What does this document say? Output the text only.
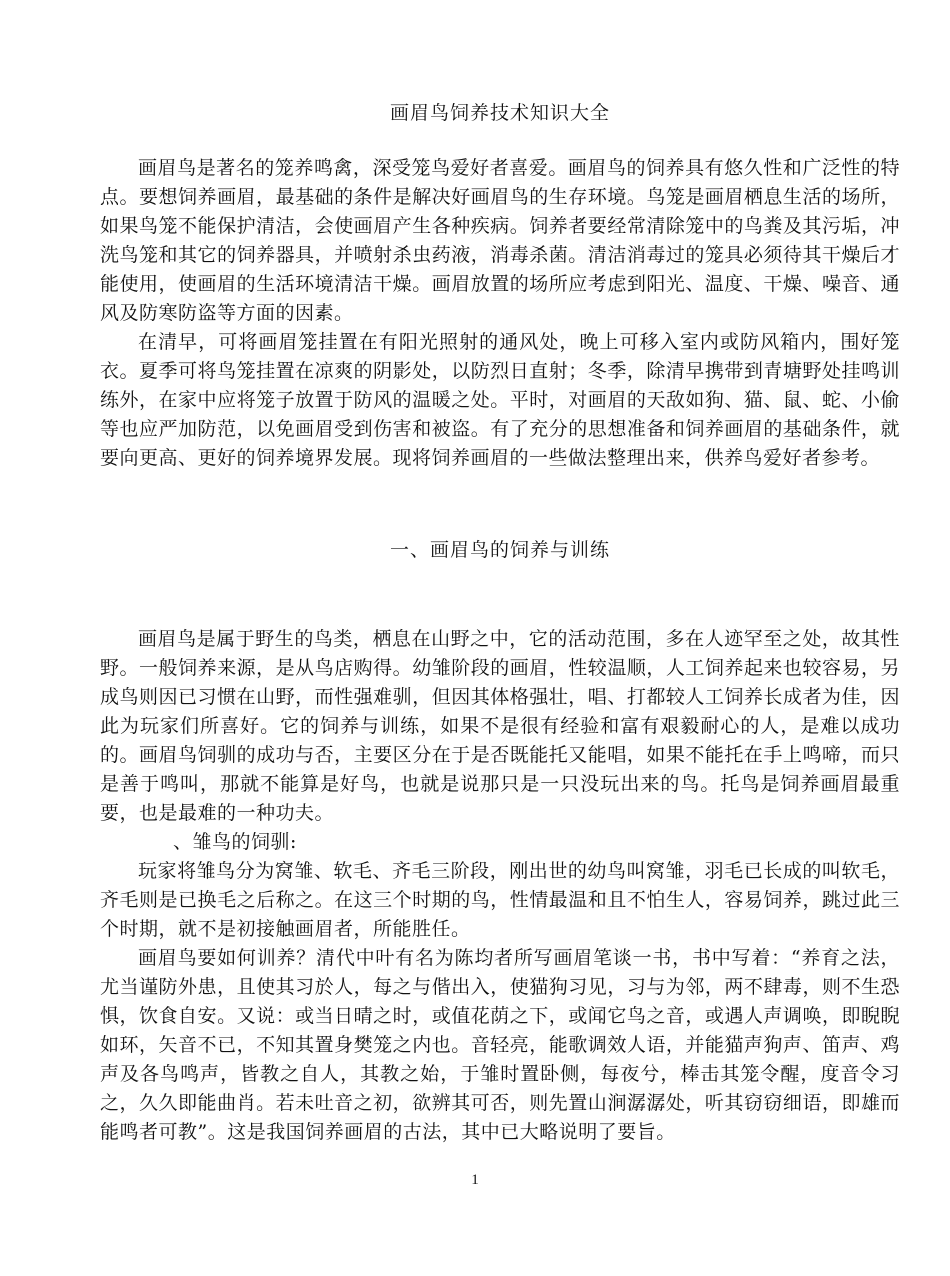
画眉鸟饲养技术知识大全

画眉鸟是著名的笼养鸣禽，深受笼鸟爱好者喜爱。画眉鸟的饲养具有悠久性和广泛性的特点。要想饲养画眉，最基础的条件是解决好画眉鸟的生存环境。鸟笼是画眉栖息生活的场所，如果鸟笼不能保护清洁，会使画眉产生各种疾病。饲养者要经常清除笼中的鸟粪及其污垢，冲洗鸟笼和其它的饲养器具，并喷射杀虫药液，消毒杀菌。清洁消毒过的笼具必须待其干燥后才能使用，使画眉的生活环境清洁干燥。画眉放置的场所应考虑到阳光、温度、干燥、噪音、通风及防寒防盗等方面的因素。

在清早，可将画眉笼挂置在有阳光照射的通风处，晚上可移入室内或防风箱内，围好笼衣。夏季可将鸟笼挂置在凉爽的阴影处，以防烈日直射；冬季，除清早携带到青塘野处挂鸣训练外，在家中应将笼子放置于防风的温暖之处。平时，对画眉的天敌如狗、猫、鼠、蛇、小偷等也应严加防范，以免画眉受到伤害和被盗。有了充分的思想准备和饲养画眉的基础条件，就要向更高、更好的饲养境界发展。现将饲养画眉的一些做法整理出来，供养鸟爱好者参考。

一、画眉鸟的饲养与训练

画眉鸟是属于野生的鸟类，栖息在山野之中，它的活动范围，多在人迹罕至之处，故其性野。一般饲养来源，是从鸟店购得。幼雏阶段的画眉，性较温顺，人工饲养起来也较容易，另成鸟则因已习惯在山野，而性强难驯，但因其体格强壮，唱、打都较人工饲养长成者为佳，因此为玩家们所喜好。它的饲养与训练，如果不是很有经验和富有艰毅耐心的人，是难以成功的。画眉鸟饲驯的成功与否，主要区分在于是否既能托又能唱，如果不能托在手上鸣啼，而只是善于鸣叫，那就不能算是好鸟，也就是说那只是一只没玩出来的鸟。托鸟是饲养画眉最重要，也是最难的一种功夫。

、雏鸟的饲驯:

玩家将雏鸟分为窝雏、软毛、齐毛三阶段，刚出世的幼鸟叫窝雏，羽毛已长成的叫软毛，齐毛则是已换毛之后称之。在这三个时期的鸟，性情最温和且不怕生人，容易饲养，跳过此三个时期，就不是初接触画眉者，所能胜任。

画眉鸟要如何训养？清代中叶有名为陈均者所写画眉笔谈一书，书中写着：“养育之法，尤当谨防外患，且使其习於人，每之与偕出入，使猫狗习见，习与为邻，两不肆毒，则不生恐惧，饮食自安。又说：或当日晴之时，或值花荫之下，或闻它鸟之音，或遇人声调唤，即睨睨如环，矢音不已，不知其置身樊笼之内也。音轻亮，能歌调效人语，并能猫声狗声、笛声、鸡声及各鸟鸣声，皆教之自人，其教之始，于雏时置卧侧，每夜兮，棒击其笼令醒，度音令习之，久久即能曲肖。若未吐音之初，欲辨其可否，则先置山涧潺潺处，听其窃窃细语，即雄而能鸣者可教”。这是我国饲养画眉的古法，其中已大略说明了要旨。

1
